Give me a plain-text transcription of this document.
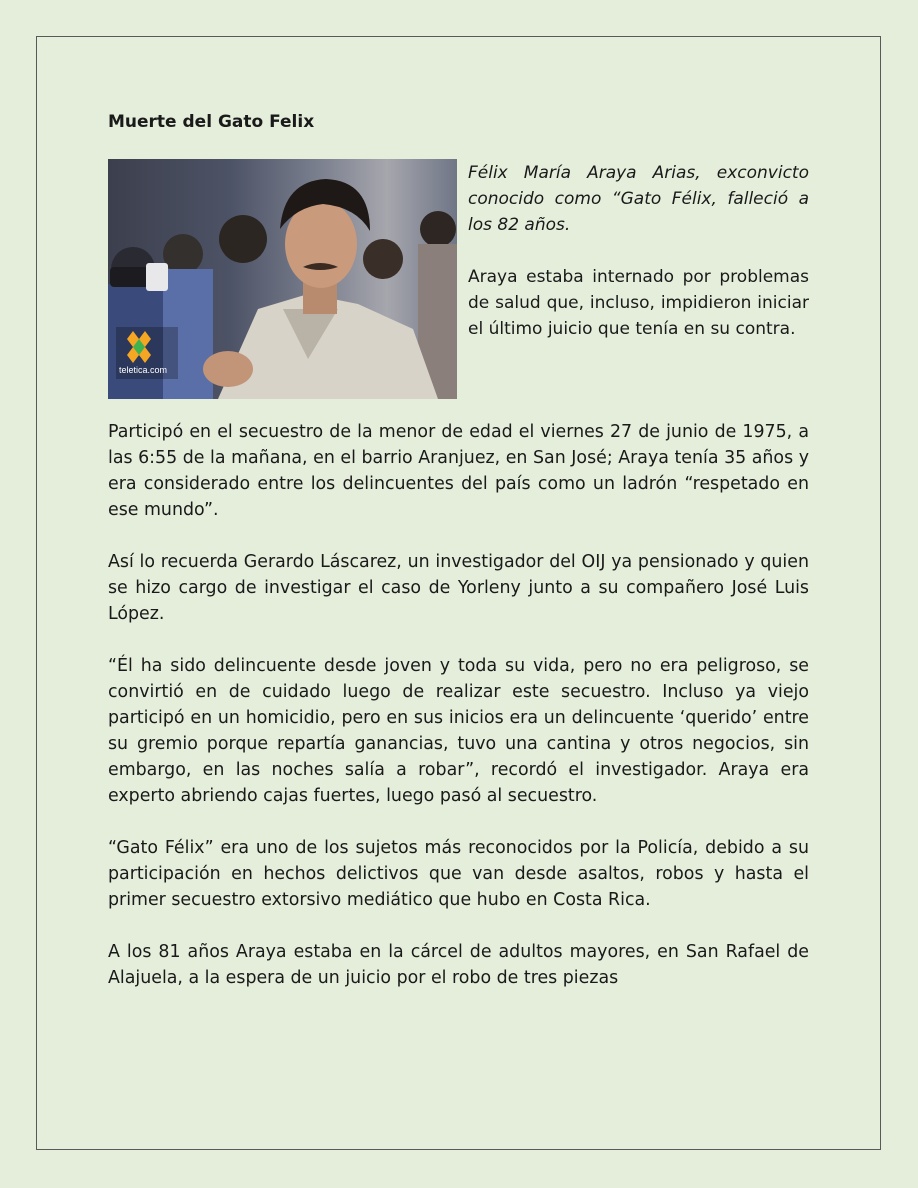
Muerte del Gato Felix
teletica.com

Félix María Araya Arias, exconvicto conocido como “Gato Félix, falleció a los 82 años.

Araya estaba internado por problemas de salud que, incluso, impidieron iniciar el último juicio que tenía en su contra.

Participó en el secuestro de la menor de edad el viernes 27 de junio de 1975, a las 6:55 de la mañana, en el barrio Aranjuez, en San José; Araya tenía 35 años y era considerado entre los delincuentes del país como un ladrón “respetado en ese mundo”.

Así lo recuerda Gerardo Láscarez, un investigador del OIJ ya pensionado y quien se hizo cargo de investigar el caso de Yorleny junto a su compañero José Luis López.

“Él ha sido delincuente desde joven y toda su vida, pero no era peligroso, se convirtió en de cuidado luego de realizar este secuestro. Incluso ya viejo participó en un homicidio, pero en sus inicios era un delincuente ‘querido’ entre su gremio porque repartía ganancias, tuvo una cantina y otros negocios, sin embargo, en las noches salía a robar”, recordó el investigador. Araya era experto abriendo cajas fuertes, luego pasó al secuestro.

“Gato Félix” era uno de los sujetos más reconocidos por la Policía, debido a su participación en hechos delictivos que van desde asaltos, robos y hasta el primer secuestro extorsivo mediático que hubo en Costa Rica.

A los 81 años Araya estaba en la cárcel de adultos mayores, en San Rafael de Alajuela, a la espera de un juicio por el robo de tres piezas
